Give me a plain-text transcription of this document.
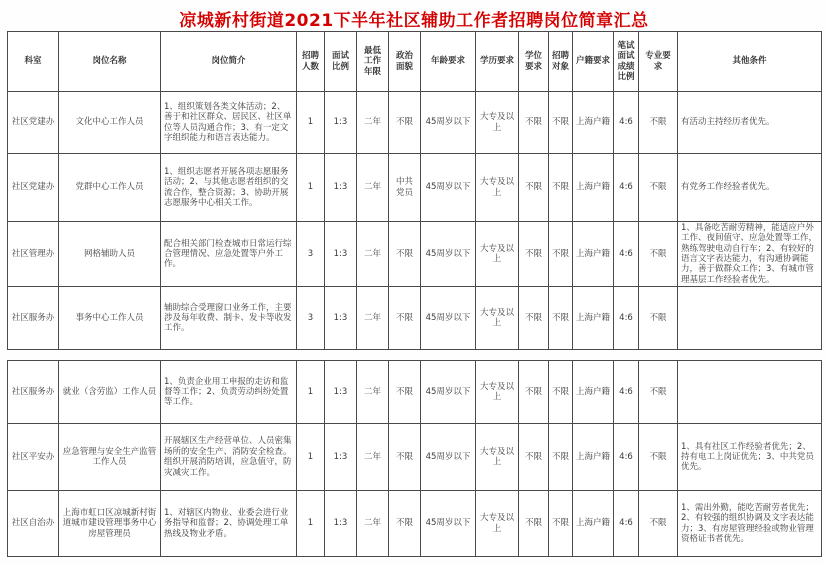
凉城新村街道2021下半年社区辅助工作者招聘岗位简章汇总
科室	岗位名称	岗位简介	招聘人数	面试比例	最低工作年限	政治面貌	年龄要求	学历要求	学位要求	招聘对象	户籍要求	笔试面试成绩比例	专业要求	其他条件
社区党建办	文化中心工作人员	1、组织策划各类文体活动；2、善于和社区群众、居民区、社区单位等人员沟通合作；3、有一定文字组织能力和语言表达能力。	1	1:3	二年	不限	45周岁以下	大专及以上	不限	不限	上海户籍	4:6	不限	有活动主持经历者优先。
社区党建办	党群中心工作人员	1、组织志愿者开展各项志愿服务活动；2、与其他志愿者组织的交流合作，整合资源；3、协助开展志愿服务中心相关工作。	1	1:3	二年	中共党员	45周岁以下	大专及以上	不限	不限	上海户籍	4:6	不限	有党务工作经验者优先。
社区管理办	网格辅助人员	配合相关部门检查城市日常运行综合管理情况、应急处置等户外工作。	3	1:3	二年	不限	45周岁以下	大专及以上	不限	不限	上海户籍	4:6	不限	1、具备吃苦耐劳精神，能适应户外工作、夜间值守、应急处置等工作，熟练驾驶电动自行车；2、有较好的语言文字表达能力，有沟通协调能力，善于做群众工作；3、有城市管理基层工作经验者优先。
社区服务办	事务中心工作人员	辅助综合受理窗口业务工作，主要涉及每年收费、制卡、发卡等收发工作。	3	1:3	二年	不限	45周岁以下	大专及以上	不限	不限	上海户籍	4:6	不限	
社区服务办	就业（含劳监）工作人员	1、负责企业用工申报的走访和监督等工作；2、负责劳动纠纷处置等工作。	1	1:3	二年	不限	45周岁以下	大专及以上	不限	不限	上海户籍	4:6	不限	
社区平安办	应急管理与安全生产监管工作人员	开展辖区生产经营单位、人员密集场所的安全生产、消防安全检查。组织开展消防培训，应急值守，防灾减灾工作。	1	1:3	二年	不限	45周岁以下	大专及以上	不限	不限	上海户籍	4:6	不限	1、具有社区工作经验者优先；2、持有电工上岗证优先；3、中共党员优先。
社区自治办	上海市虹口区凉城新村街道城市建设管理事务中心房屋管理员	1、对辖区内物业、业委会进行业务指导和监督；2、协调处理工单热线及物业矛盾。	1	1:3	二年	不限	45周岁以下	大专及以上	不限	不限	上海户籍	4:6	不限	1、需出外勤，能吃苦耐劳者优先；2、有较强的组织协调及文字表达能力；3、有房屋管理经验或物业管理资格证书者优先。
